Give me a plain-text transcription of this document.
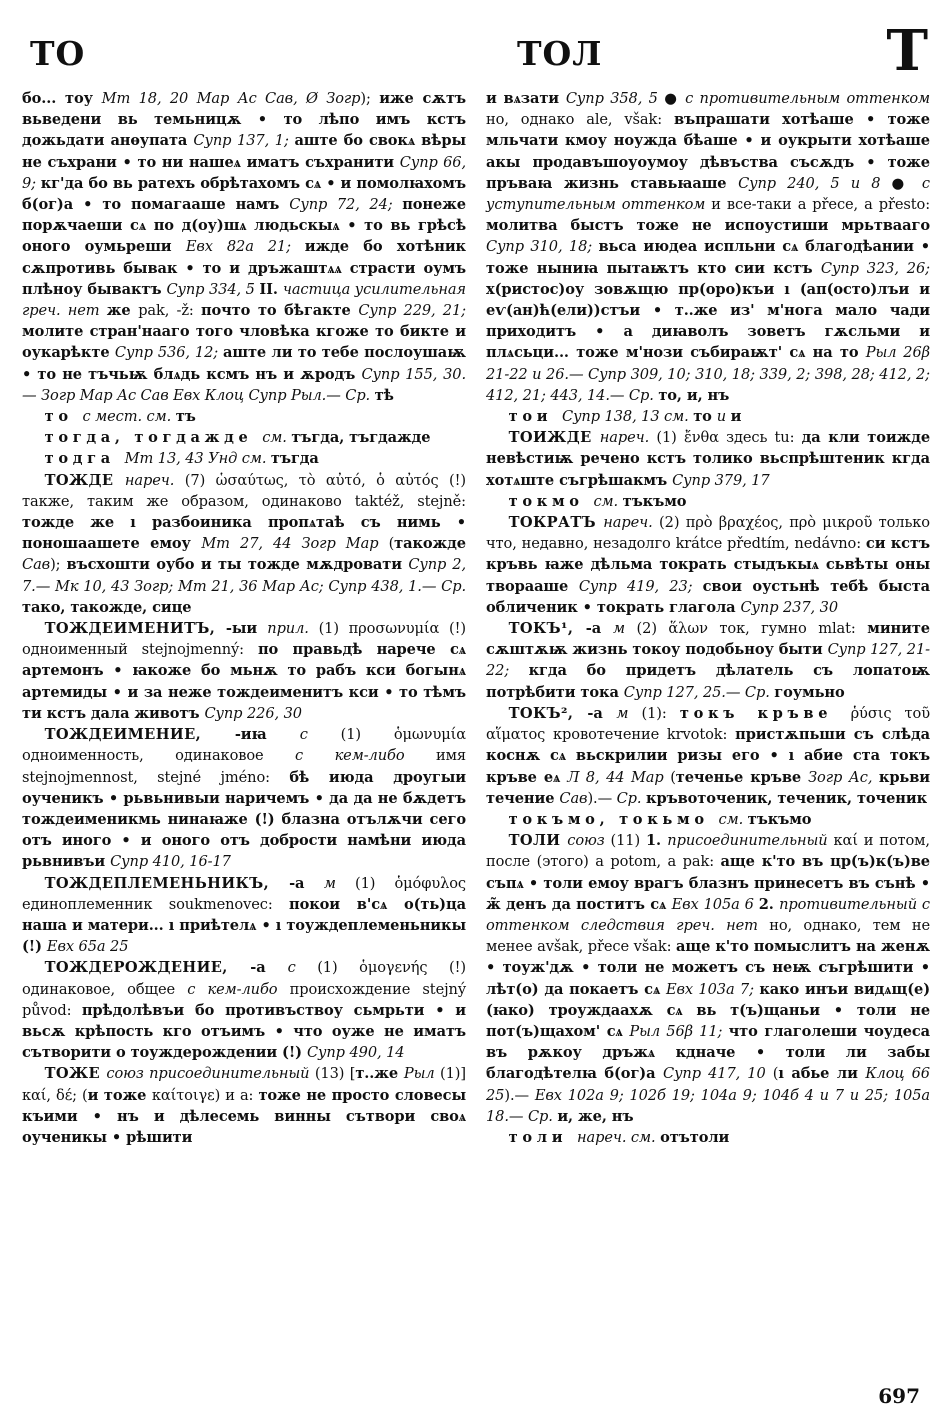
ТО	ТОЛ	Т

бо... тоу Мт 18, 20 Мар Ас Сав, Ø Зогр); иже сѫтъ вьведени вь темьницѫ • то лѣпо имъ кстъ дожьдати анѳупата Супр 137, 1; аште бо свокѧ вѣры не съхрани • то ни нашеѧ иматъ съхранити Супр 66, 9; кг'да бо вь ратехъ обрѣтахомъ сѧ • и помолꙗхомъ б(ог)а • то помагааше намъ Супр 72, 24; понеже порѫчаеши сѧ по д(оу)шѧ людьскыѧ • то вь грѣсѣ оного оумьреши Евх 82а 21; ижде бо хотѣник сѫпротивь бывак • то и дръжаштѧѧ страсти оумъ плѣноу бывактъ Супр 334, 5 II. частица усилительная греч. нет же pak, -ž: почто то бѣгакте Супр 229, 21; молите стран'нааго того чловѣка кгоже то бикте и оукарѣкте Супр 536, 12; аште ли то тебе послоушаѭ • то не тъчьѭ блѧдь ксмъ нъ и ѫродъ Супр 155, 30.— Зогр Мар Ас Сав Евх Клоц Супр Рыл.— Ср. тѣ

то с мест. см. тъ

тогда, тогдажде см. тъгда, тъгдажде

тодга Мт 13, 43 Унд см. тъгда

ТОЖДЕ нареч. (7) ὡσαύτως, τὸ αὐτό, ὁ αὐτός (!) также, таким же образом, одинаково taktéž, stejně: тожде же ı разбоиника пропѧтаѣ съ нимь • поношаашете емоу Мт 27, 44 Зогр Мар (такожде Сав); въсхошти оубо и ты тожде мѫдровати Супр 2, 7.— Мк 10, 43 Зогр; Мт 21, 36 Мар Ас; Супр 438, 1.— Ср. тако, такожде, сице

ТОЖДЕИМЕНИТЪ, -ыи прил. (1) προσωνυμία (!) одноименный stejnojmenný: по правьдѣ нарече сѧ артемонъ • ꙗкоже бо мьнѫ то рабъ кси богынѧ артемиды • и за неже тождеименитъ кси • то тѣмъ ти кстъ дала животъ Супр 226, 30

ТОЖДЕИМЕНИЕ, -иꙗ с (1) ὁμωνυμία одноименность, одинаковое с кем-либо имя stejnojmennost, stejné jméno: бѣ июда дроугыи оученикъ • рьвьнивыи наричемъ • да да не бѫдетъ тождеименикмь нинаꙗже (!) блазна отълѫчи сего отъ иного • и оного отъ добрости намѣни июда рьвнивъи Супр 410, 16-17

ТОЖДЕПЛЕМЕНЬНИКЪ, -а м (1) ὁμόφυλος единоплеменник soukmenovec: покои в'сѧ о(ть)ца наша и матери... ı приѣтелѧ • ı тоуждеплеменьникы (!) Евх 65а 25

ТОЖДЕРОЖДЕНИЕ, -а с (1) ὁμογενής (!) одинаковое, общее с кем-либо происхождение stejný původ: прѣдолѣвъи бо противъствоу сьмрьти • и вьсѫ крѣпость кго отъимъ • что оуже не иматъ сътворити о тоуждерождении (!) Супр 490, 14

ТОЖЕ союз присоединительный (13) [т..же Рыл (1)] καί, δέ; (и тоже καίτοιγε) и а: тоже не просто словесы къими • нъ и дѣлесемь винны сътвори своѧ оученикы • рѣшити

и вѧзати Супр 358, 5 ● с противительным оттенком но, однако ale, však: въпрашати хотѣаше • тоже мльчати кмоу ноужда бѣаше • и оукрыти хотѣаше акы продавъшоуоумоу дѣвъства съсѫдъ • тоже пръваꙗ жизнь ставьꙗаше Супр 240, 5 и 8 ● с уступительным оттенком и все-таки a přece, a přesto: молитва быстъ тоже не испоустиши мрьтвааго Супр 310, 18; вьса июдеа испльни сѧ благодѣании • тоже ныниꙗ пытаѭтъ кто сии кстъ Супр 323, 26; х(ристос)оу зовѫщю пр(оро)къи ı (ап(осто)лъи и еѵ(ан)ћ(ели))стъи • т..же из' м'нога мало чади приходитъ • а диꙗволъ зоветъ гѫсльми и плѧсьци... тоже м'нози събираѭт' сѧ на то Рыл 26β 21-22 и 26.— Супр 309, 10; 310, 18; 339, 2; 398, 28; 412, 2; 412, 21; 443, 14.— Ср. то, и, нъ

тои Супр 138, 13 см. то и и

ТОИЖДЕ нареч. (1) ἔνθα здесь tu: да кли тоижде невѣстиѭ речено кстъ толико вьспрѣштеник кгда хотѧште съгрѣшакмъ Супр 379, 17

токмо см. тъкъмо

ТОКРАТЪ нареч. (2) πρὸ βραχέος, πρὸ μικροῦ только что, недавно, незадолго krátce předtím, nedávno: си кстъ кръвь ꙗже дѣльма тократь стыдъкыѧ сьвѣты оны творааше Супр 419, 23; свои оустьнѣ тебѣ быста обличеник • тократь глагола Супр 237, 30

ТОКЪ¹, -а м (2) ἅλων ток, гумно mlat: мините сѫштѫѭ жизнь токоу подобьноу быти Супр 127, 21-22; кгда бо придетъ дѣлатель съ лопатоѭ потрѣбити тока Супр 127, 25.— Ср. гоумьно

ТОКЪ², -а м (1): токъ кръве ῥύσις τοῦ αἵματος кровотечение krvotok: пристѫпьши съ слѣда коснѫ сѧ вьскрилии ризы его • ı абие ста токъ кръве еѧ Л 8, 44 Мар (теченье кръве Зогр Ас, крьви течение Сав).— Ср. кръвоточеник, теченик, точеник

токъмо, токьмо см. тъкъмо

ТОЛИ союз (11) 1. присоединительный καί и потом, после (этого) a potom, a pak: аще к'то въ цр(ъ)к(ъ)ве съпѧ • толи емоу врагъ блазнъ принесетъ въ сънѣ • ж̃ денъ да поститъ сѧ Евх 105а 6 2. противительный с оттенком следствия греч. нет но, однако, тем не менее avšak, přece však: аще к'то помыслитъ на женѫ • тоуж'дѫ • толи не можетъ съ неѭ съгрѣшити • лѣт(о) да покаетъ сѧ Евх 103а 7; како инъи видѧщ(е) (ꙗко) троуждаахѫ сѧ вь т(ъ)щаньи • толи не пот(ъ)щахом' сѧ Рыл 56β 11; что глаголеши чоудеса въ рѫкоу дръжѧ кдначе • толи ли забы благодѣтелꙗ б(ог)а Супр 417, 10 (ı абье ли Клоц 66 25).— Евх 102а 9; 102б 19; 104а 9; 104б 4 и 7 и 25; 105а 18.— Ср. и, же, нъ

толи нареч. см. отътоли

697
